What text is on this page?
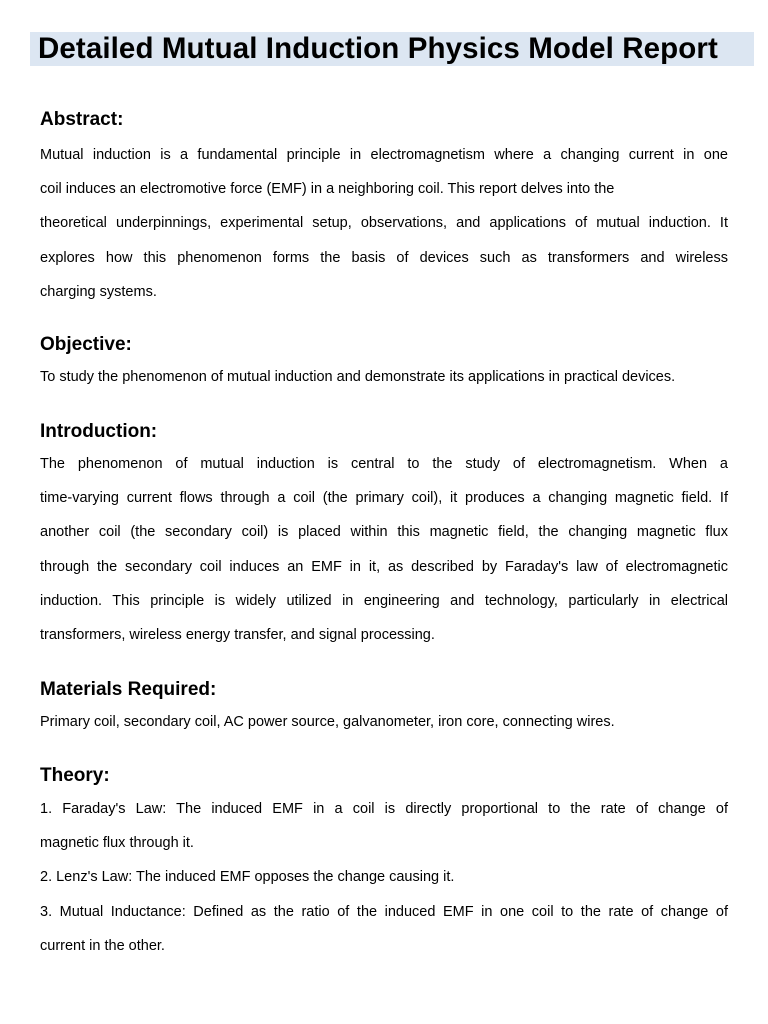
Detailed Mutual Induction Physics Model Report
Abstract:
Mutual induction is a fundamental principle in electromagnetism where a changing current in one
coil induces an electromotive force (EMF) in a neighboring coil. This report delves into the
theoretical underpinnings, experimental setup, observations, and applications of mutual induction. It
explores how this phenomenon forms the basis of devices such as transformers and wireless
charging systems.
Objective:

To study the phenomenon of mutual induction and demonstrate its applications in practical devices.

Introduction:
The phenomenon of mutual induction is central to the study of electromagnetism. When a
time-varying current flows through a coil (the primary coil), it produces a changing magnetic field. If
another coil (the secondary coil) is placed within this magnetic field, the changing magnetic flux
through the secondary coil induces an EMF in it, as described by Faraday's law of electromagnetic
induction. This principle is widely utilized in engineering and technology, particularly in electrical
transformers, wireless energy transfer, and signal processing.
Materials Required:

Primary coil, secondary coil, AC power source, galvanometer, iron core, connecting wires.

Theory:
1. Faraday's Law: The induced EMF in a coil is directly proportional to the rate of change of
magnetic flux through it.
2. Lenz's Law: The induced EMF opposes the change causing it.
3. Mutual Inductance: Defined as the ratio of the induced EMF in one coil to the rate of change of
current in the other.
